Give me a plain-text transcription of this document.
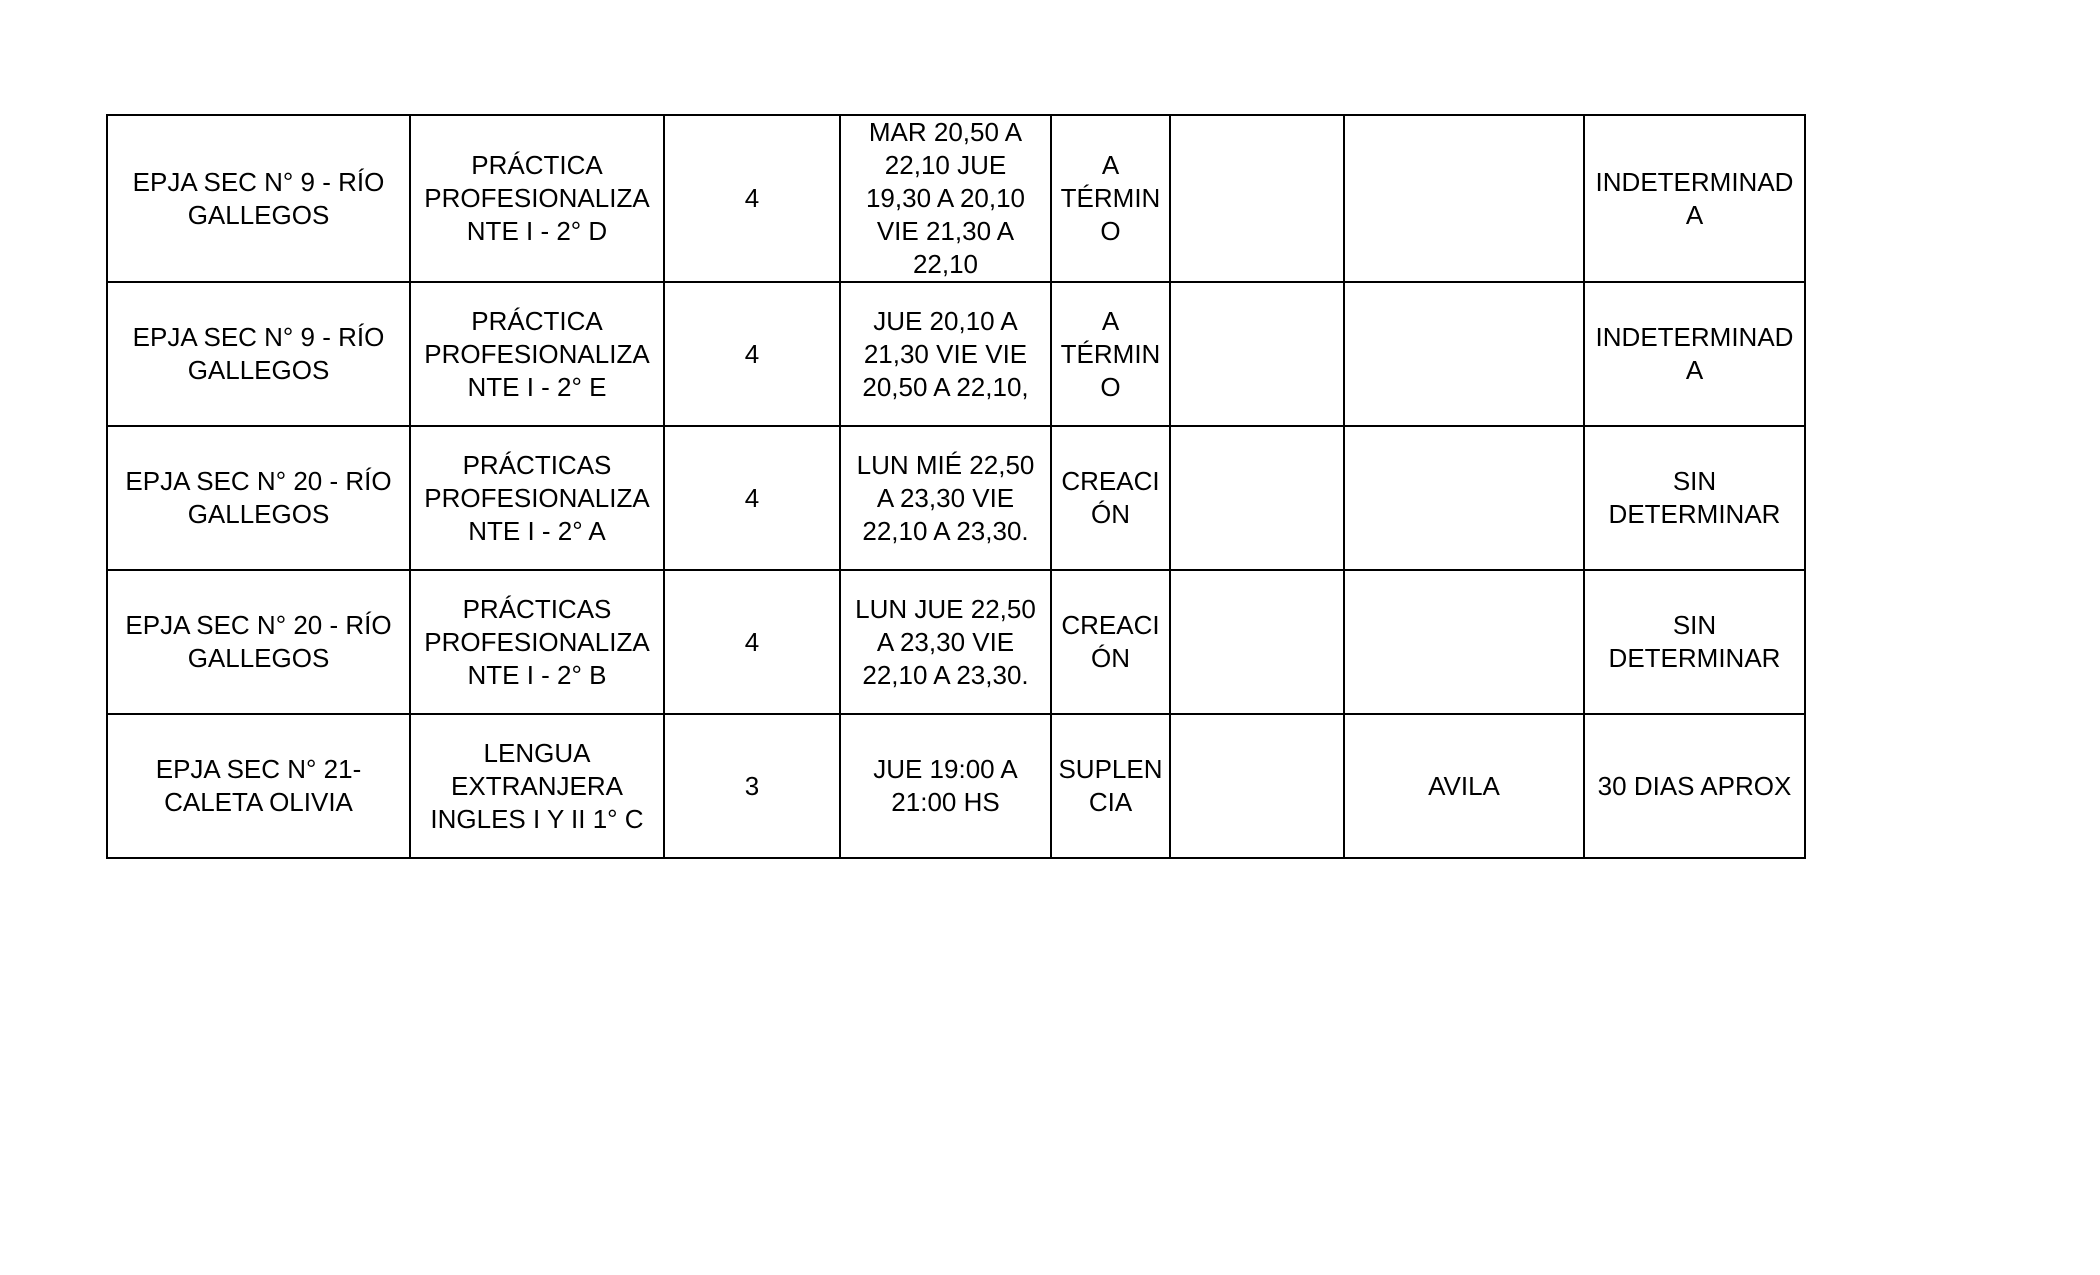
EPJA SEC N° 9 - RÍO
GALLEGOS	PRÁCTICA
PROFESIONALIZA
NTE I - 2° D	4	MAR 20,50 A
22,10 JUE
19,30 A 20,10
VIE 21,30 A
22,10	A
TÉRMIN
O			INDETERMINAD
A
EPJA SEC N° 9 - RÍO
GALLEGOS	PRÁCTICA
PROFESIONALIZA
NTE I - 2° E	4	JUE 20,10 A
21,30 VIE VIE
20,50 A 22,10,	A
TÉRMIN
O			INDETERMINAD
A
EPJA SEC N° 20 - RÍO
GALLEGOS	PRÁCTICAS
PROFESIONALIZA
NTE I - 2° A	4	LUN MIÉ 22,50
A 23,30 VIE
22,10 A 23,30.	CREACI
ÓN			SIN
DETERMINAR
EPJA SEC N° 20 - RÍO
GALLEGOS	PRÁCTICAS
PROFESIONALIZA
NTE I - 2° B	4	LUN JUE 22,50
A 23,30 VIE
22,10 A 23,30.	CREACI
ÓN			SIN
DETERMINAR
EPJA SEC N° 21-
CALETA OLIVIA	LENGUA
EXTRANJERA
INGLES I Y II 1° C	3	JUE 19:00 A
21:00 HS	SUPLEN
CIA		AVILA	30 DIAS APROX
